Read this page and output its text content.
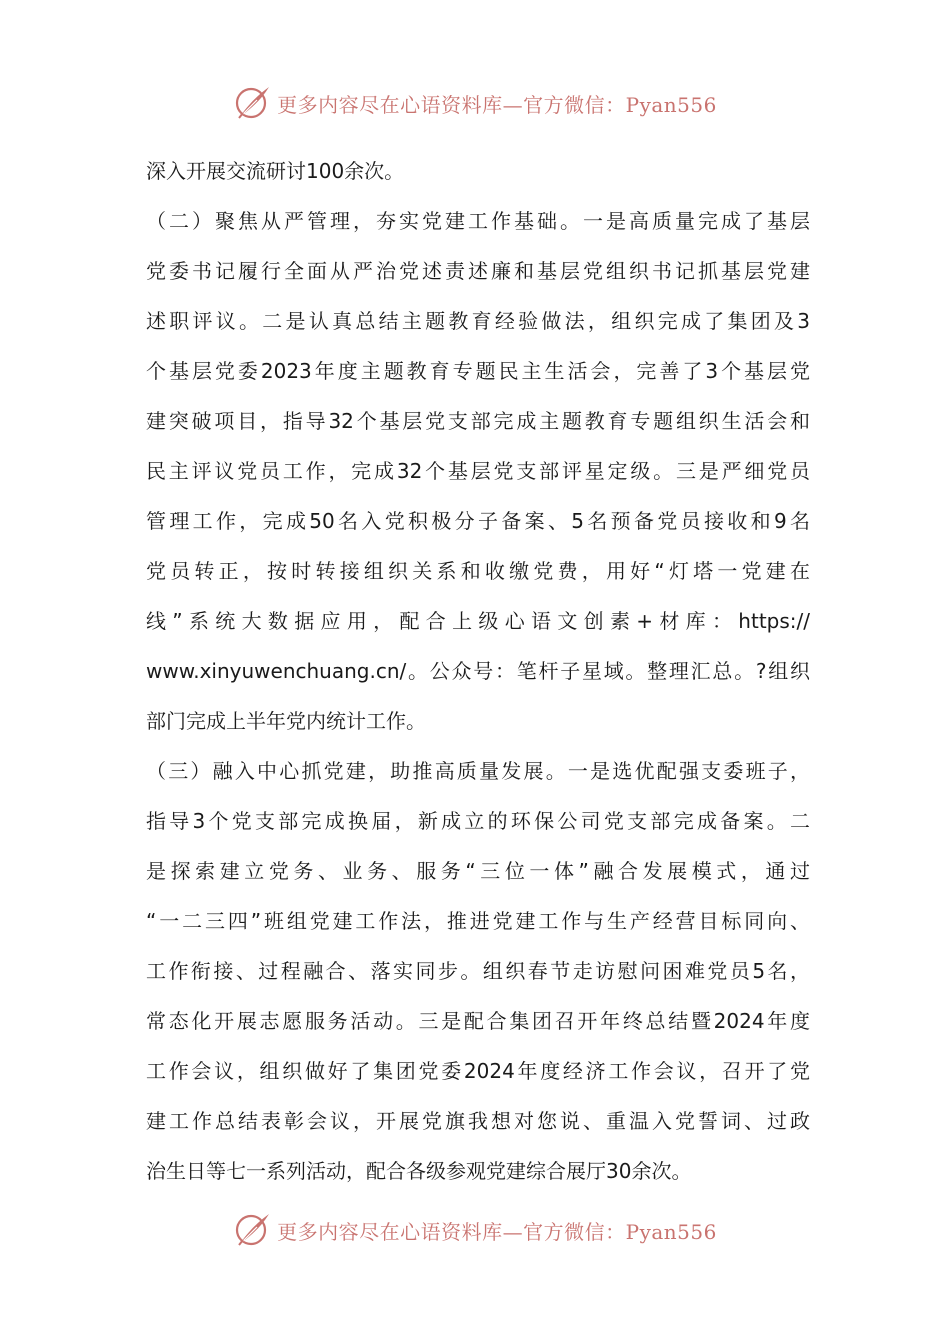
更多内容尽在心语资料库—官方微信：Pyan556
深入开展交流研讨100余次。
（二）聚焦从严管理，夯实党建工作基础。一是高质量完成了基层
党委书记履行全面从严治党述责述廉和基层党组织书记抓基层党建
述职评议。二是认真总结主题教育经验做法，组织完成了集团及3
个基层党委2023年度主题教育专题民主生活会，完善了3个基层党
建突破项目，指导32个基层党支部完成主题教育专题组织生活会和
民主评议党员工作，完成32个基层党支部评星定级。三是严细党员
管理工作，完成50名入党积极分子备案、5名预备党员接收和9名
党员转正，按时转接组织关系和收缴党费，用好“灯塔一党建在
线”系统大数据应用，配合上级心语文创素+材库：https://
www.xinyuwenchuang.cn/。公众号：笔杆子星域。整理汇总。?组织
部门完成上半年党内统计工作。
（三）融入中心抓党建，助推高质量发展。一是选优配强支委班子，
指导3个党支部完成换届，新成立的环保公司党支部完成备案。二
是探索建立党务、业务、服务“三位一体”融合发展模式，通过
“一二三四”班组党建工作法，推进党建工作与生产经营目标同向、
工作衔接、过程融合、落实同步。组织春节走访慰问困难党员5名，
常态化开展志愿服务活动。三是配合集团召开年终总结暨2024年度
工作会议，组织做好了集团党委2024年度经济工作会议，召开了党
建工作总结表彰会议，开展党旗我想对您说、重温入党誓词、过政
治生日等七一系列活动，配合各级参观党建综合展厅30余次。
更多内容尽在心语资料库—官方微信：Pyan556
